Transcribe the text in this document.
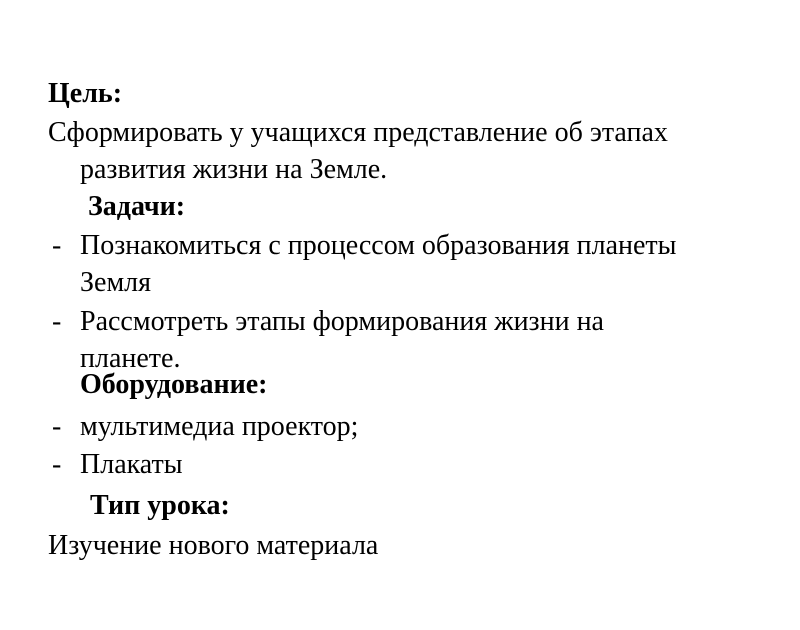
Цель:
Сформировать у учащихся представление об этапах
развития жизни на Земле.
Задачи:
- Познакомиться с процессом образования планеты
Земля
- Рассмотреть этапы формирования жизни на
планете.
Оборудование:
- мультимедиа проектор;
- Плакаты
Тип урока:
Изучение нового материала
